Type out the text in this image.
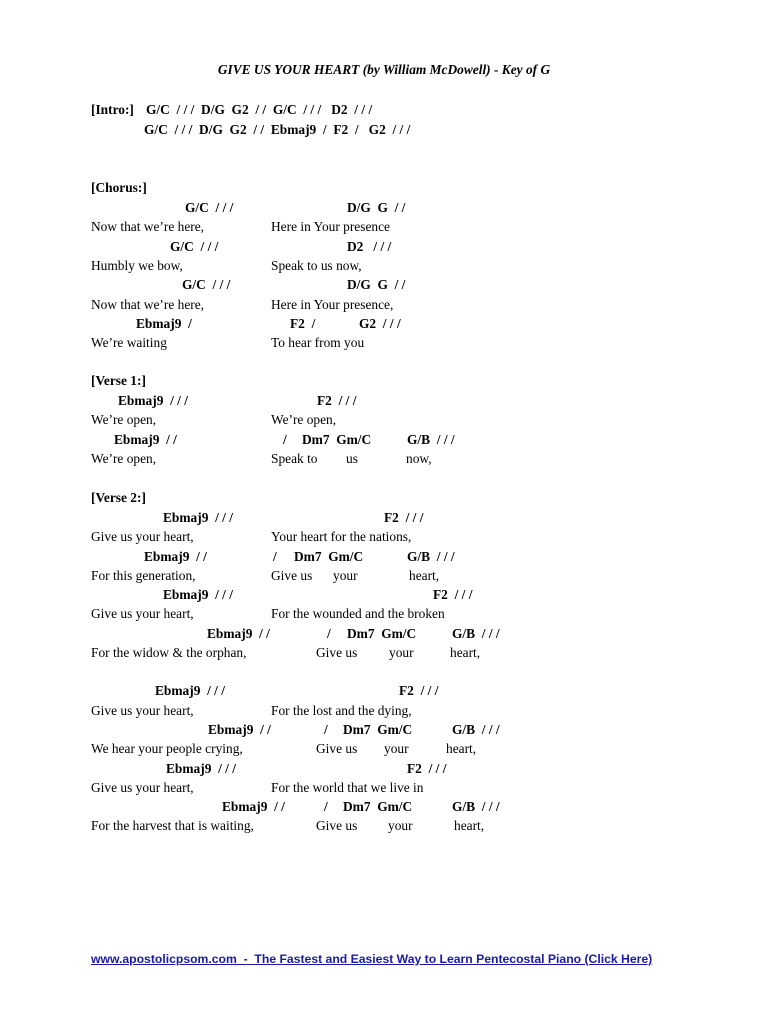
GIVE US YOUR HEART (by William McDowell) - Key of G
[Intro:] G/C  / / /  D/G  G2  / /  G/C  / / /   D2  / / /
G/C  / / /  D/G  G2  / /  Ebmaj9  /  F2  /   G2  / / /
[Chorus:]
G/C  / / /	D/G  G  / /
Now that we’re here,	Here in Your presence
G/C  / / /	D2   / / /
Humbly we bow,	Speak to us now,
G/C  / / /	D/G  G  / /
Now that we’re here,	Here in Your presence,
Ebmaj9  /	F2  /	G2  / / /
We’re waiting	To hear from you
[Verse 1:]
Ebmaj9  / / /	F2  / / /
We’re open,	We’re open,
Ebmaj9  / /	/ Dm7  Gm/C	G/B  / / /
We’re open,	Speak to us	now,
[Verse 2:]
Ebmaj9  / / /	F2  / / /
Give us your heart,	Your heart for the nations,
Ebmaj9  / /	/ Dm7  Gm/C	G/B  / / /
For this generation,	Give us your	heart,
Ebmaj9  / / /	F2  / / /
Give us your heart,	For the wounded and the broken
Ebmaj9  / /	/ Dm7  Gm/C	G/B  / / /
For the widow & the orphan,	Give us your	heart,
Ebmaj9  / / /	F2  / / /
Give us your heart,	For the lost and the dying,
Ebmaj9  / /	/ Dm7  Gm/C	G/B  / / /
We hear your people crying,	Give us your	heart,
Ebmaj9  / / /	F2  / / /
Give us your heart,	For the world that we live in
Ebmaj9  / /	/ Dm7  Gm/C	G/B  / / /
For the harvest that is waiting,	Give us your	heart,
www.apostolicpsom.com  -  The Fastest and Easiest Way to Learn Pentecostal Piano (Click Here)
